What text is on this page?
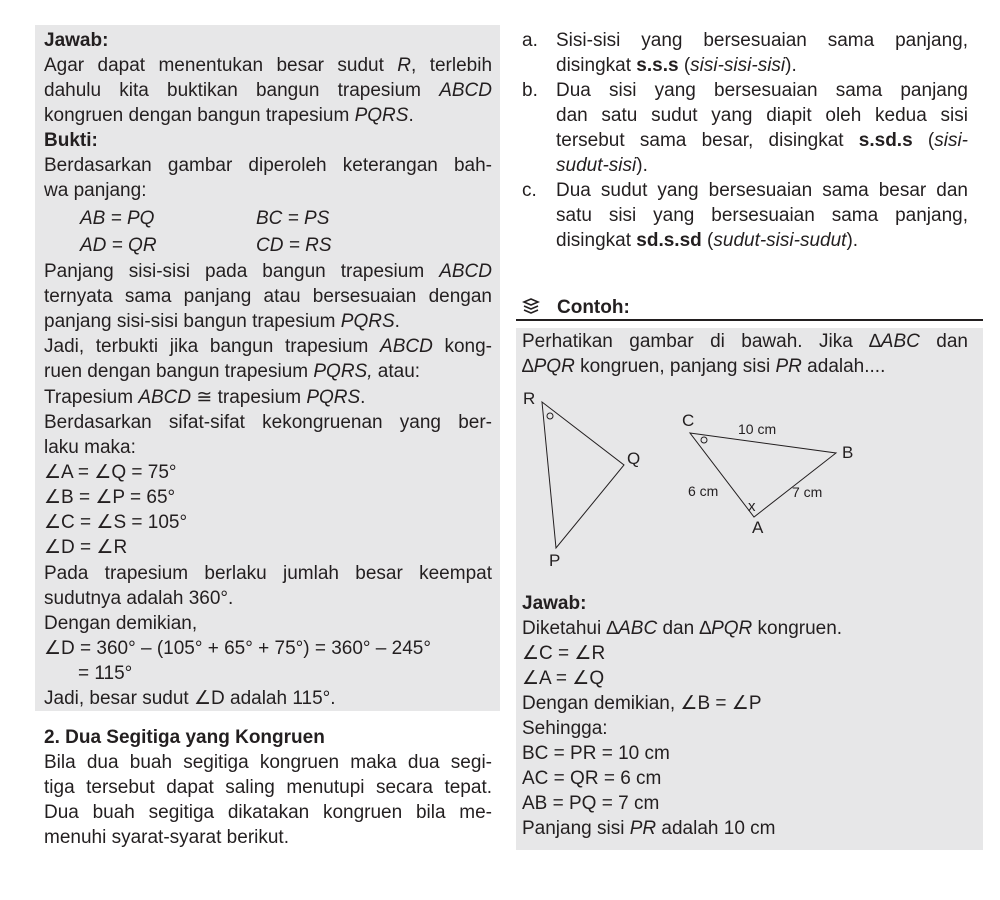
Jawab:
Agar dapat menentukan besar sudut R, terlebih
dahulu kita buktikan bangun trapesium ABCD
kongruen dengan bangun trapesium PQRS.
Bukti:
Berdasarkan gambar diperoleh keterangan bah-
wa panjang:
AB = PQ	BC = PS
AD = QR	CD = RS
Panjang sisi-sisi pada bangun trapesium ABCD
ternyata sama panjang atau bersesuaian dengan
panjang sisi-sisi bangun trapesium PQRS.
Jadi, terbukti jika bangun trapesium ABCD kong-
ruen dengan bangun trapesium PQRS, atau:
Trapesium ABCD ≅ trapesium PQRS.
Berdasarkan sifat-sifat kekongruenan yang ber-
laku maka:
∠A = ∠Q = 75°
∠B = ∠P = 65°
∠C = ∠S = 105°
∠D = ∠R
Pada trapesium berlaku jumlah besar keempat
sudutnya adalah 360°.
Dengan demikian,
∠D = 360° – (105° + 65° + 75°) = 360° – 245°
= 115°
Jadi, besar sudut ∠D adalah 115°.
2. Dua Segitiga yang Kongruen
Bila dua buah segitiga kongruen maka dua segi-
tiga tersebut dapat saling menutupi secara tepat.
Dua buah segitiga dikatakan kongruen bila me-
menuhi syarat-syarat berikut.
a. Sisi-sisi yang bersesuaian sama panjang,
disingkat s.s.s (sisi-sisi-sisi).
b. Dua sisi yang bersesuaian sama panjang
dan satu sudut yang diapit oleh kedua sisi
tersebut sama besar, disingkat s.sd.s (sisi-
sudut-sisi).
c. Dua sudut yang bersesuaian sama besar dan
satu sisi yang bersesuaian sama panjang,
disingkat sd.s.sd (sudut-sisi-sudut).
Contoh:
Perhatikan gambar di bawah. Jika ∆ABC dan
∆PQR kongruen, panjang sisi PR adalah....
R
Q
P
C
B
A
10 cm
6 cm	7 cm
x
Jawab:
Diketahui ∆ABC dan ∆PQR kongruen.
∠C = ∠R
∠A = ∠Q
Dengan demikian, ∠B = ∠P
Sehingga:
BC = PR = 10 cm
AC = QR = 6 cm
AB = PQ = 7 cm
Panjang sisi PR adalah 10 cm
